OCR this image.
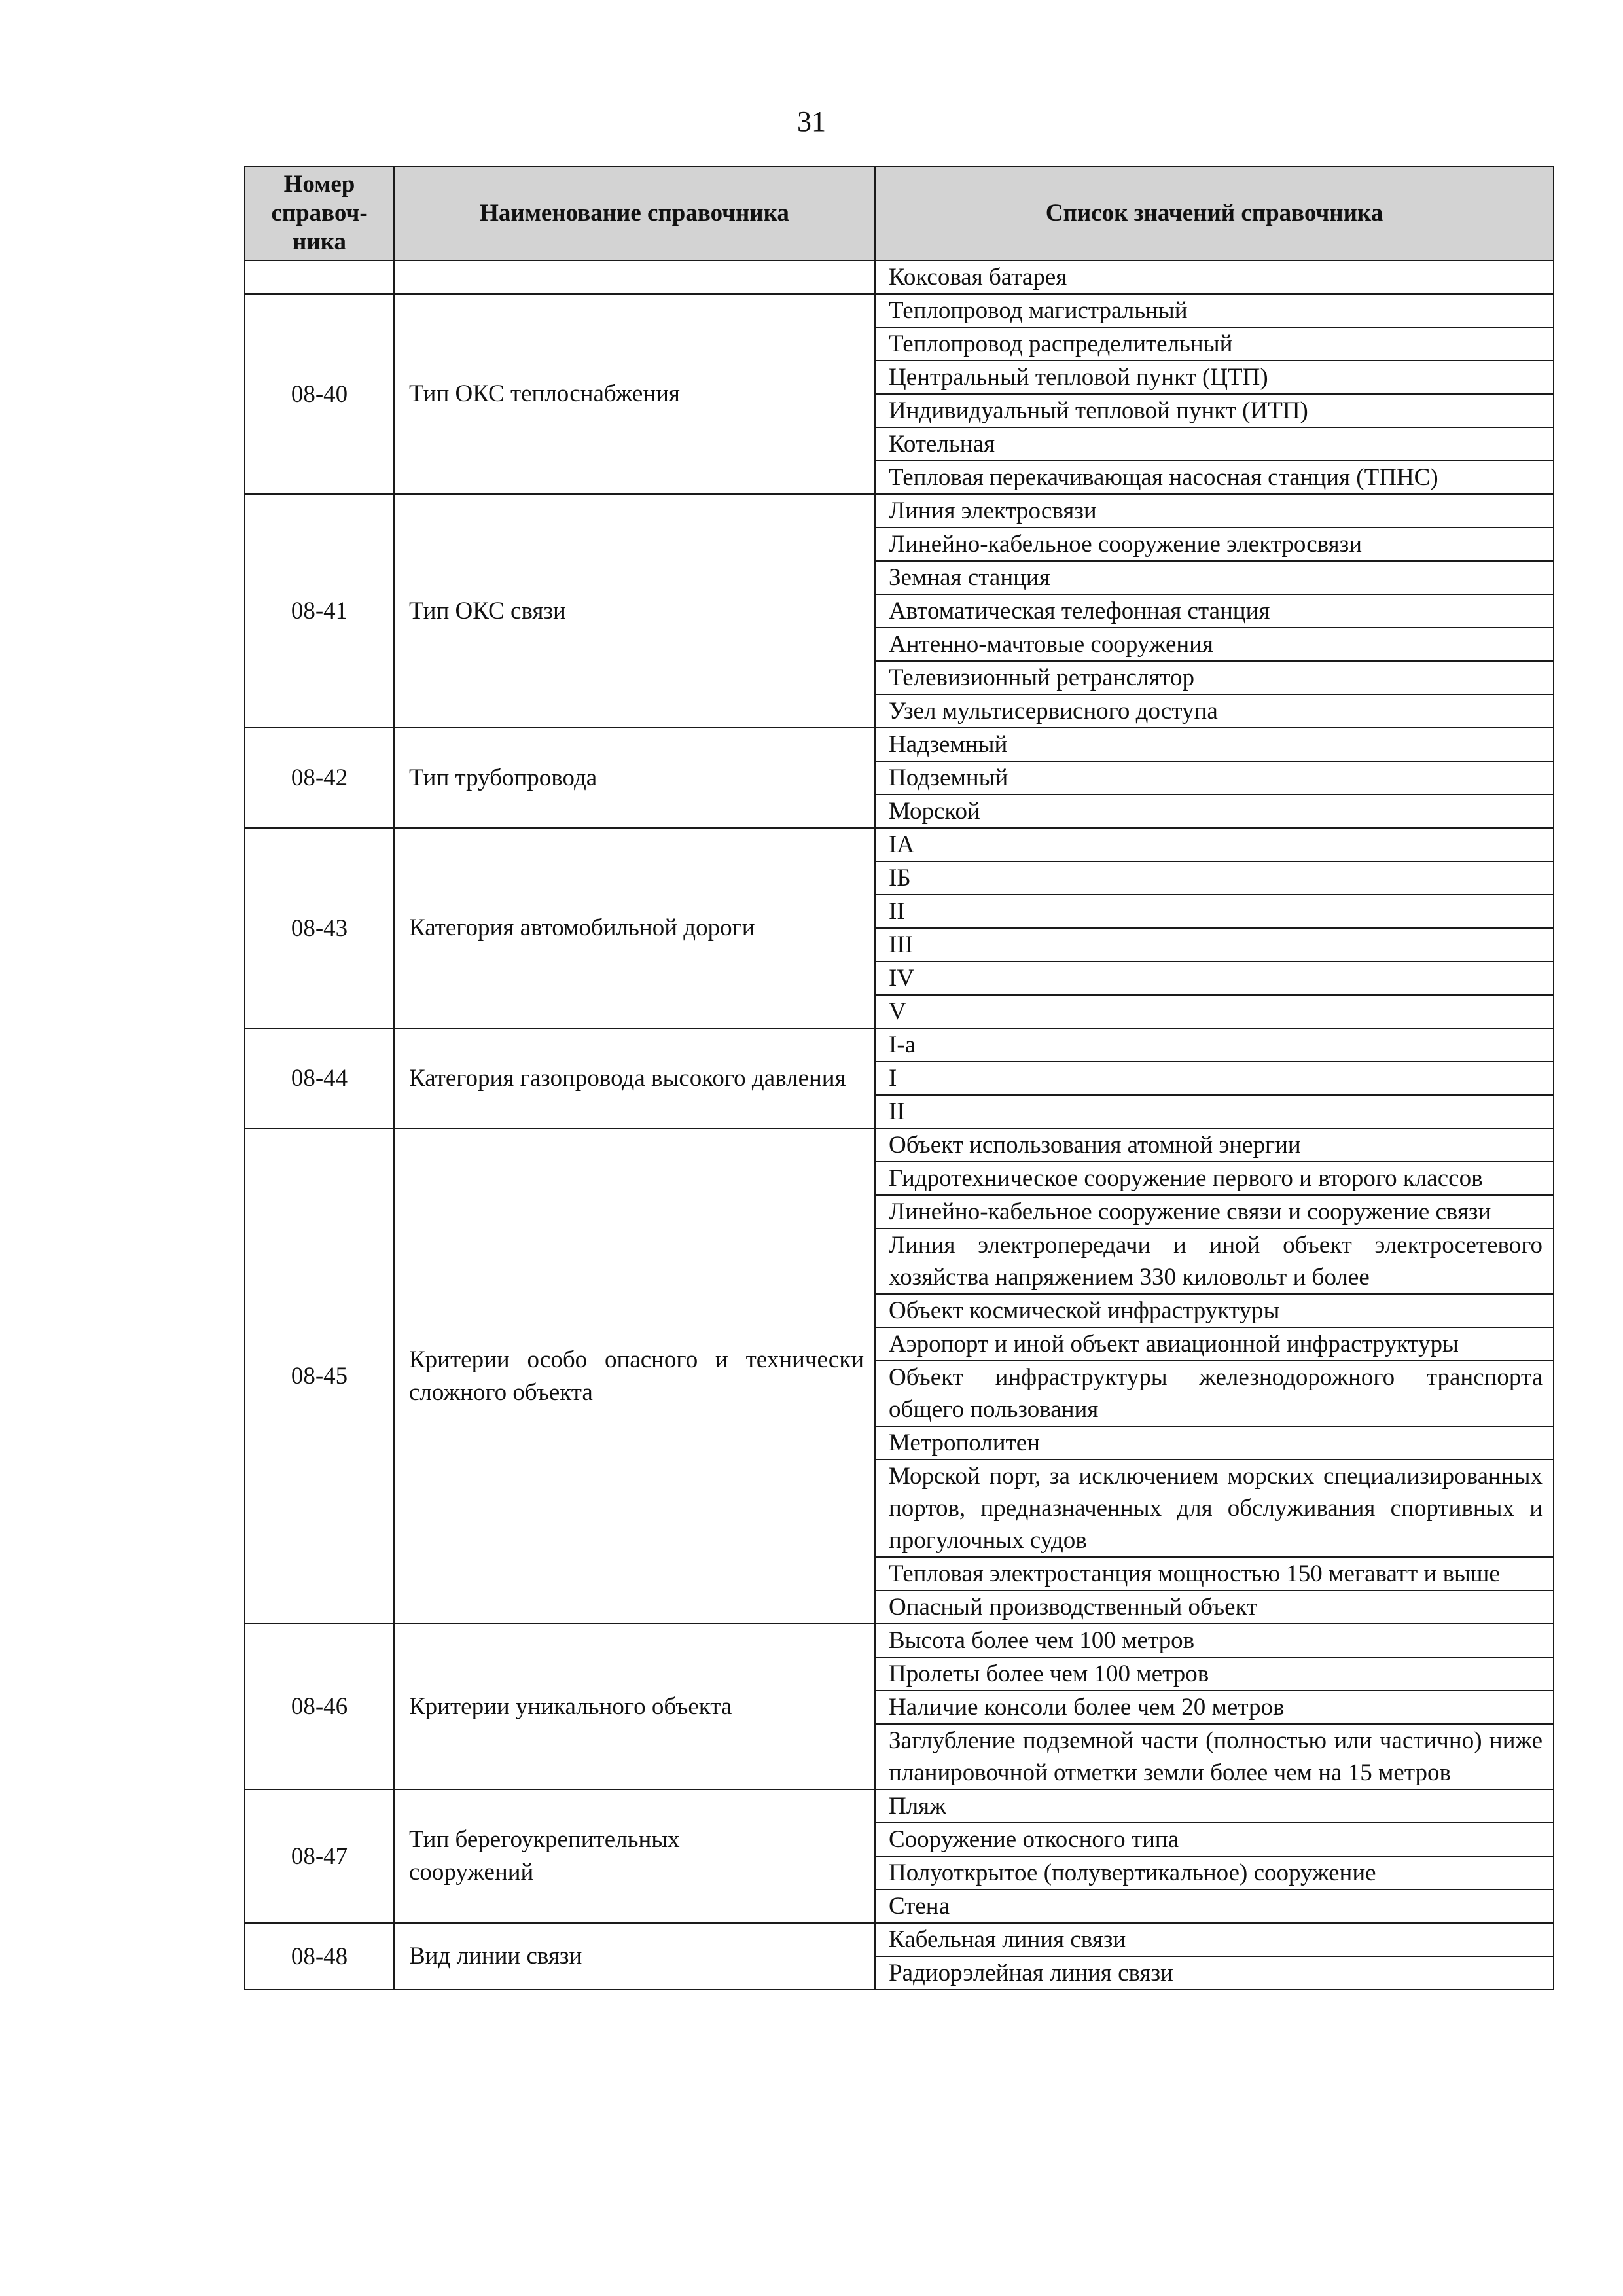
31
Номер справоч-ника	Наименование справочника	Список значений справочника
		Коксовая батарея
08-40	Тип ОКС теплоснабжения	Теплопровод магистральный
		Теплопровод распределительный
		Центральный тепловой пункт (ЦТП)
		Индивидуальный тепловой пункт (ИТП)
		Котельная
		Тепловая перекачивающая насосная станция (ТПНС)
08-41	Тип ОКС связи	Линия электросвязи
		Линейно-кабельное сооружение электросвязи
		Земная станция
		Автоматическая телефонная станция
		Антенно-мачтовые сооружения
		Телевизионный ретранслятор
		Узел мультисервисного доступа
08-42	Тип трубопровода	Надземный
		Подземный
		Морской
08-43	Категория автомобильной дороги	IA
		IБ
		II
		III
		IV
		V
08-44	Категория газопровода высокого давления	I-а
		I
		II
08-45	Критерии особо опасного и технически сложного объекта	Объект использования атомной энергии
		Гидротехническое сооружение первого и второго классов
		Линейно-кабельное сооружение связи и сооружение связи
		Линия электропередачи и иной объект электросетевого хозяйства напряжением 330 киловольт и более
		Объект космической инфраструктуры
		Аэропорт и иной объект авиационной инфраструктуры
		Объект инфраструктуры железнодорожного транспорта общего пользования
		Метрополитен
		Морской порт, за исключением морских специализированных портов, предназначенных для обслуживания спортивных и прогулочных судов
		Тепловая электростанция мощностью 150 мегаватт и выше
		Опасный производственный объект
08-46	Критерии уникального объекта	Высота более чем 100 метров
		Пролеты более чем 100 метров
		Наличие консоли более чем 20 метров
		Заглубление подземной части (полностью или частично) ниже планировочной отметки земли более чем на 15 метров
08-47	Тип берегоукрепительных сооружений	Пляж
		Сооружение откосного типа
		Полуоткрытое (полувертикальное) сооружение
		Стена
08-48	Вид линии связи	Кабельная линия связи
		Радиорэлейная линия связи
